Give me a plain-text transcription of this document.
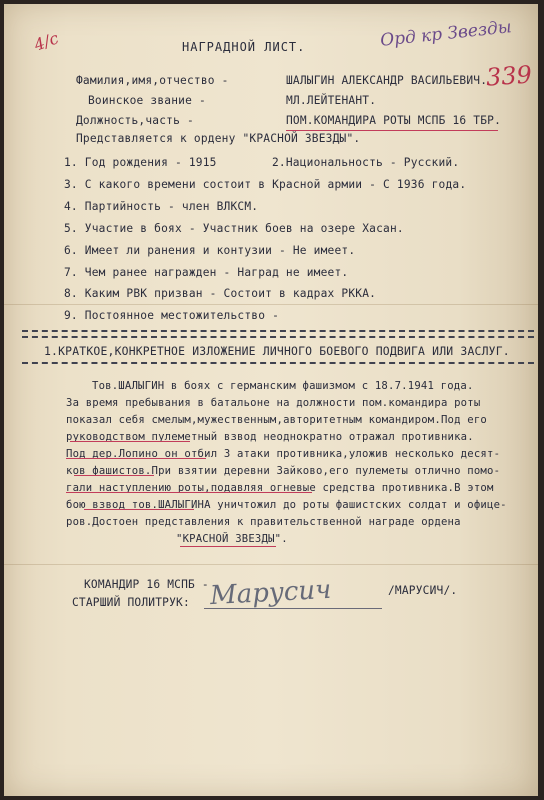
4/с	Орд кр Звезды
339
НАГРАДНОЙ ЛИСТ.
Фамилия,имя,отчество -	ШАЛЫГИН АЛЕКСАНДР ВАСИЛЬЕВИЧ.
Воинское звание -	МЛ.ЛЕЙТЕНАНТ.
Должность,часть -	ПОМ.КОМАНДИРА РОТЫ МСПБ 16 ТБР.
Представляется к ордену "КРАСНОЙ ЗВЕЗДЫ".
1. Год рождения - 1915	2.Национальность - Русский.
3. С какого времени состоит в Красной армии - С 1936 года.
4. Партийность - член ВЛКСМ.
5. Участие в боях - Участник боев на озере Хасан.
6. Имеет ли ранения и контузии - Не имеет.
7. Чем ранее награжден - Наград не имеет.
8. Каким РВК призван - Состоит в кадрах РККА.
9. Постоянное местожительство -
1.КРАТКОЕ,КОНКРЕТНОЕ ИЗЛОЖЕНИЕ ЛИЧНОГО БОЕВОГО ПОДВИГА ИЛИ ЗАСЛУГ.
Тов.ШАЛЫГИН в боях с германским фашизмом с 18.7.1941 года.
За время пребывания в батальоне на должности пом.командира роты
показал себя смелым,мужественным,авторитетным командиром.Под его
руководством пулеметный взвод неоднократно отражал противника.
Под дер.Лопино он отбил 3 атаки противника,уложив несколько десят-
ков фашистов.При взятии деревни Зайково,его пулеметы отлично помо-
гали наступлению роты,подавляя огневые средства противника.В этом
бою взвод тов.ШАЛЫГИНА уничтожил до роты фашистских солдат и офице-
ров.Достоен представления к правительственной награде ордена
"КРАСНОЙ ЗВЕЗДЫ".
КОМАНДИР 16 МСПБ -
СТАРШИЙ ПОЛИТРУК: Марусич	/МАРУСИЧ/.
